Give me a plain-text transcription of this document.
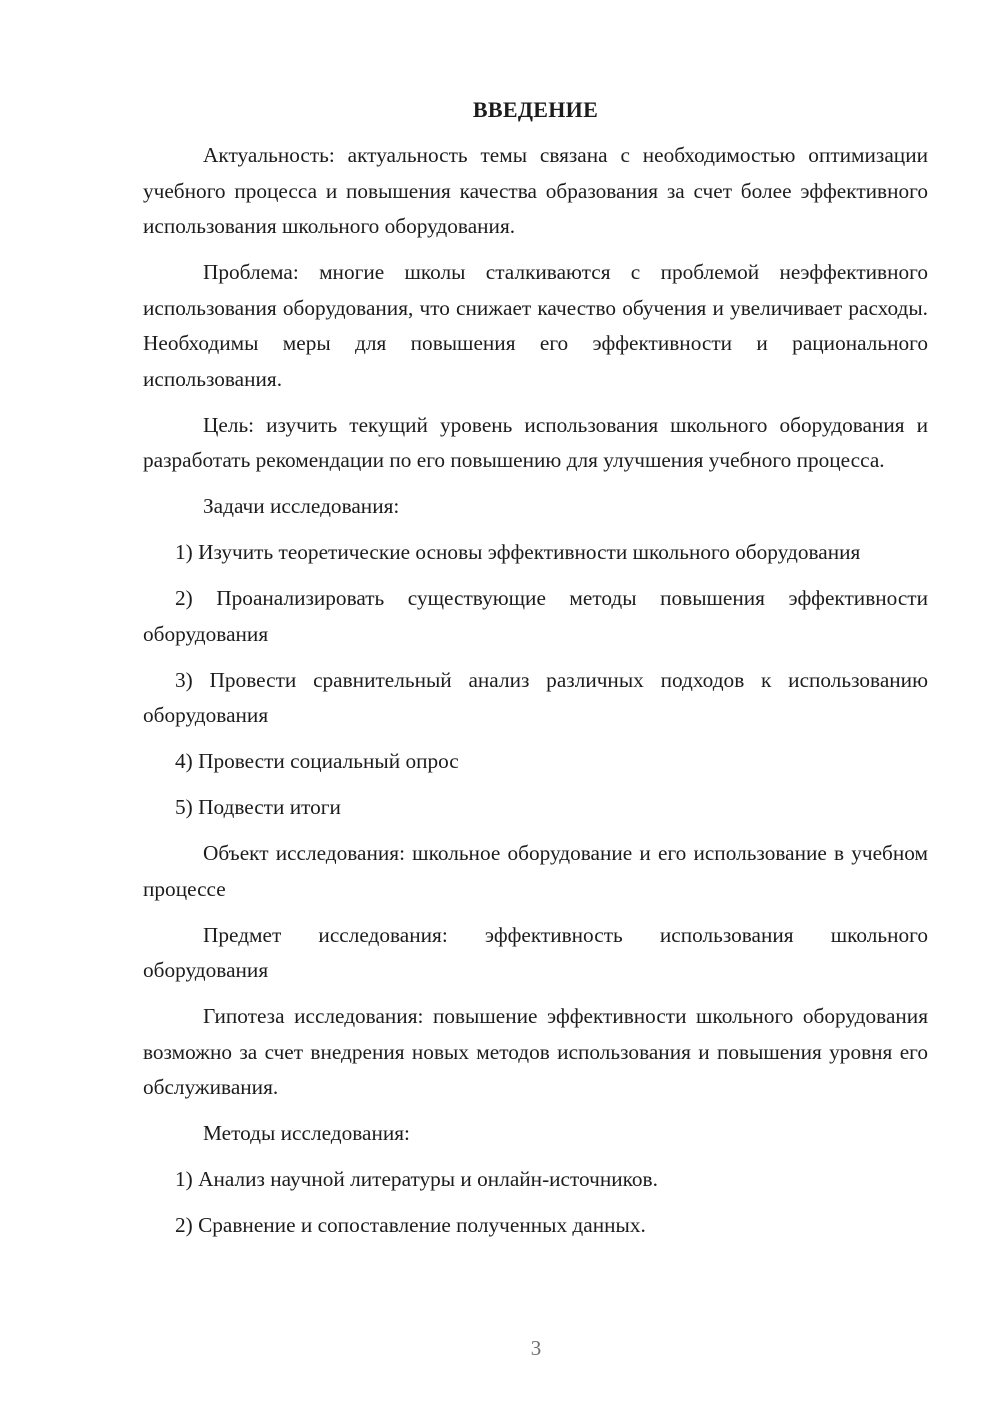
ВВЕДЕНИЕ

Актуальность: актуальность темы связана с необходимостью оптимизации учебного процесса и повышения качества образования за счет более эффективного использования школьного оборудования.

Проблема: многие школы сталкиваются с проблемой неэффективного использования оборудования, что снижает качество обучения и увеличивает расходы. Необходимы меры для повышения его эффективности и рационального использования.

Цель: изучить текущий уровень использования школьного оборудования и разработать рекомендации по его повышению для улучшения учебного процесса.

Задачи исследования:

1) Изучить теоретические основы эффективности школьного оборудования

2) Проанализировать существующие методы повышения эффективности оборудования

3) Провести сравнительный анализ различных подходов к использованию оборудования

4) Провести социальный опрос

5) Подвести итоги

Объект исследования: школьное оборудование и его использование в учебном процессе

Предмет исследования: эффективность использования школьного оборудования

Гипотеза исследования: повышение эффективности школьного оборудования возможно за счет внедрения новых методов использования и повышения уровня его обслуживания.

Методы исследования:

1) Анализ научной литературы и онлайн-источников.

2) Сравнение и сопоставление полученных данных.

3
